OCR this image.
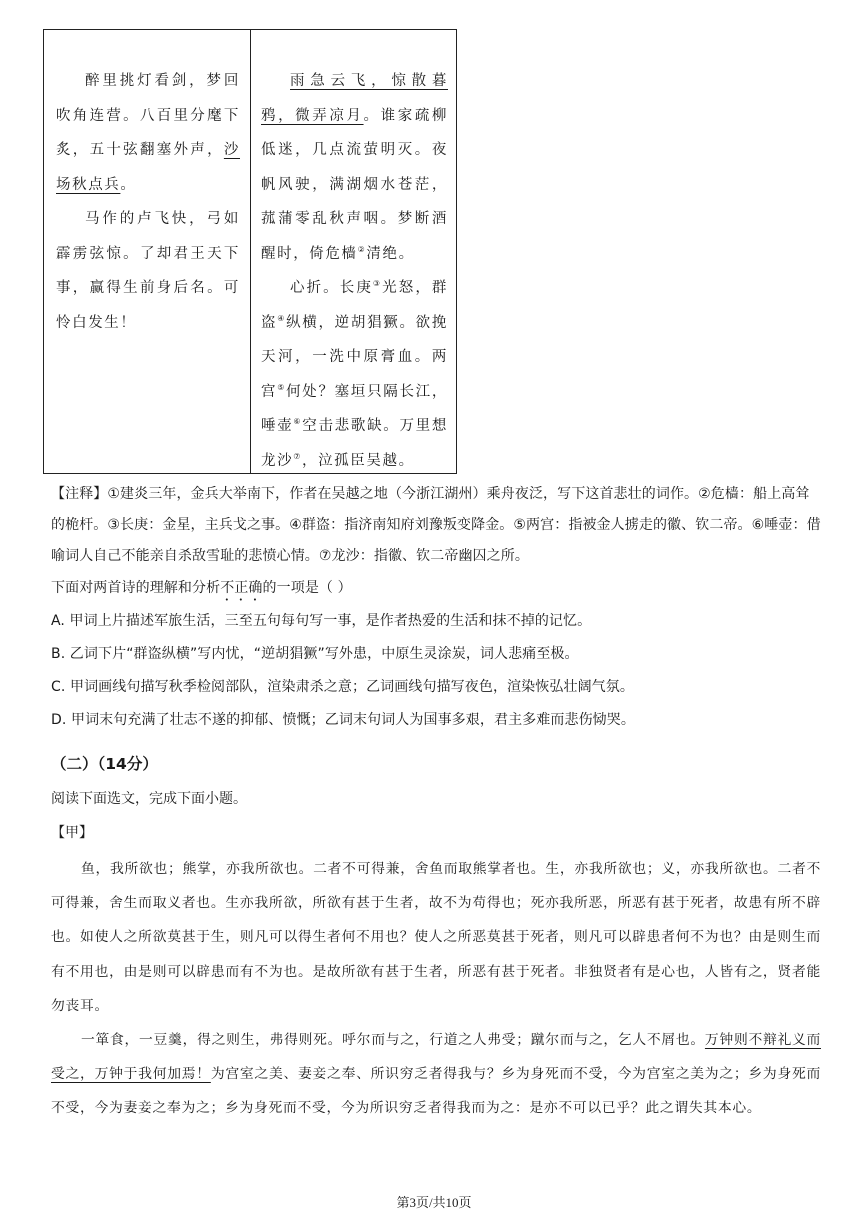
醉里挑灯看剑，梦回吹角连营。八百里分麾下炙，五十弦翻塞外声，沙场秋点兵。

马作的卢飞快，弓如霹雳弦惊。了却君王天下事，赢得生前身后名。可怜白发生！

雨急云飞，惊散暮鸦，微弄凉月。谁家疏柳低迷，几点流萤明灭。夜帆风驶，满湖烟水苍茫，菰蒲零乱秋声咽。梦断酒醒时，倚危樯②清绝。

心折。长庚③光怒，群盗④纵横，逆胡猖獗。欲挽天河，一洗中原膏血。两宫⑤何处？塞垣只隔长江，唾壶⑥空击悲歌缺。万里想龙沙⑦，泣孤臣吴越。

【注释】①建炎三年，金兵大举南下，作者在吴越之地（今浙江湖州）乘舟夜泛，写下这首悲壮的词作。②危樯：船上高耸的桅杆。③长庚：金星，主兵戈之事。④群盗：指济南知府刘豫叛变降金。⑤两宫：指被金人掳走的徽、钦二帝。⑥唾壶：借喻词人自己不能亲自杀敌雪耻的悲愤心情。⑦龙沙：指徽、钦二帝幽囚之所。

下面对两首诗的理解和分析不正确的一项是（ ）

A. 甲词上片描述军旅生活，三至五句每句写一事，是作者热爱的生活和抹不掉的记忆。

B. 乙词下片“群盗纵横”写内忧，“逆胡猖獗”写外患，中原生灵涂炭，词人悲痛至极。

C. 甲词画线句描写秋季检阅部队，渲染肃杀之意；乙词画线句描写夜色，渲染恢弘壮阔气氛。

D. 甲词末句充满了壮志不遂的抑郁、愤慨；乙词末句词人为国事多艰，君主多难而悲伤恸哭。

（二）（14分）
阅读下面选文，完成下面小题。
【甲】

鱼，我所欲也；熊掌，亦我所欲也。二者不可得兼，舍鱼而取熊掌者也。生，亦我所欲也；义，亦我所欲也。二者不可得兼，舍生而取义者也。生亦我所欲，所欲有甚于生者，故不为苟得也；死亦我所恶，所恶有甚于死者，故患有所不辟也。如使人之所欲莫甚于生，则凡可以得生者何不用也？使人之所恶莫甚于死者，则凡可以辟患者何不为也？由是则生而有不用也，由是则可以辟患而有不为也。是故所欲有甚于生者，所恶有甚于死者。非独贤者有是心也，人皆有之，贤者能勿丧耳。

一箪食，一豆羹，得之则生，弗得则死。呼尔而与之，行道之人弗受；蹴尔而与之，乞人不屑也。万钟则不辩礼义而受之，万钟于我何加焉！为宫室之美、妻妾之奉、所识穷乏者得我与？乡为身死而不受，今为宫室之美为之；乡为身死而不受，今为妻妾之奉为之；乡为身死而不受，今为所识穷乏者得我而为之：是亦不可以已乎？此之谓失其本心。

第3页/共10页
